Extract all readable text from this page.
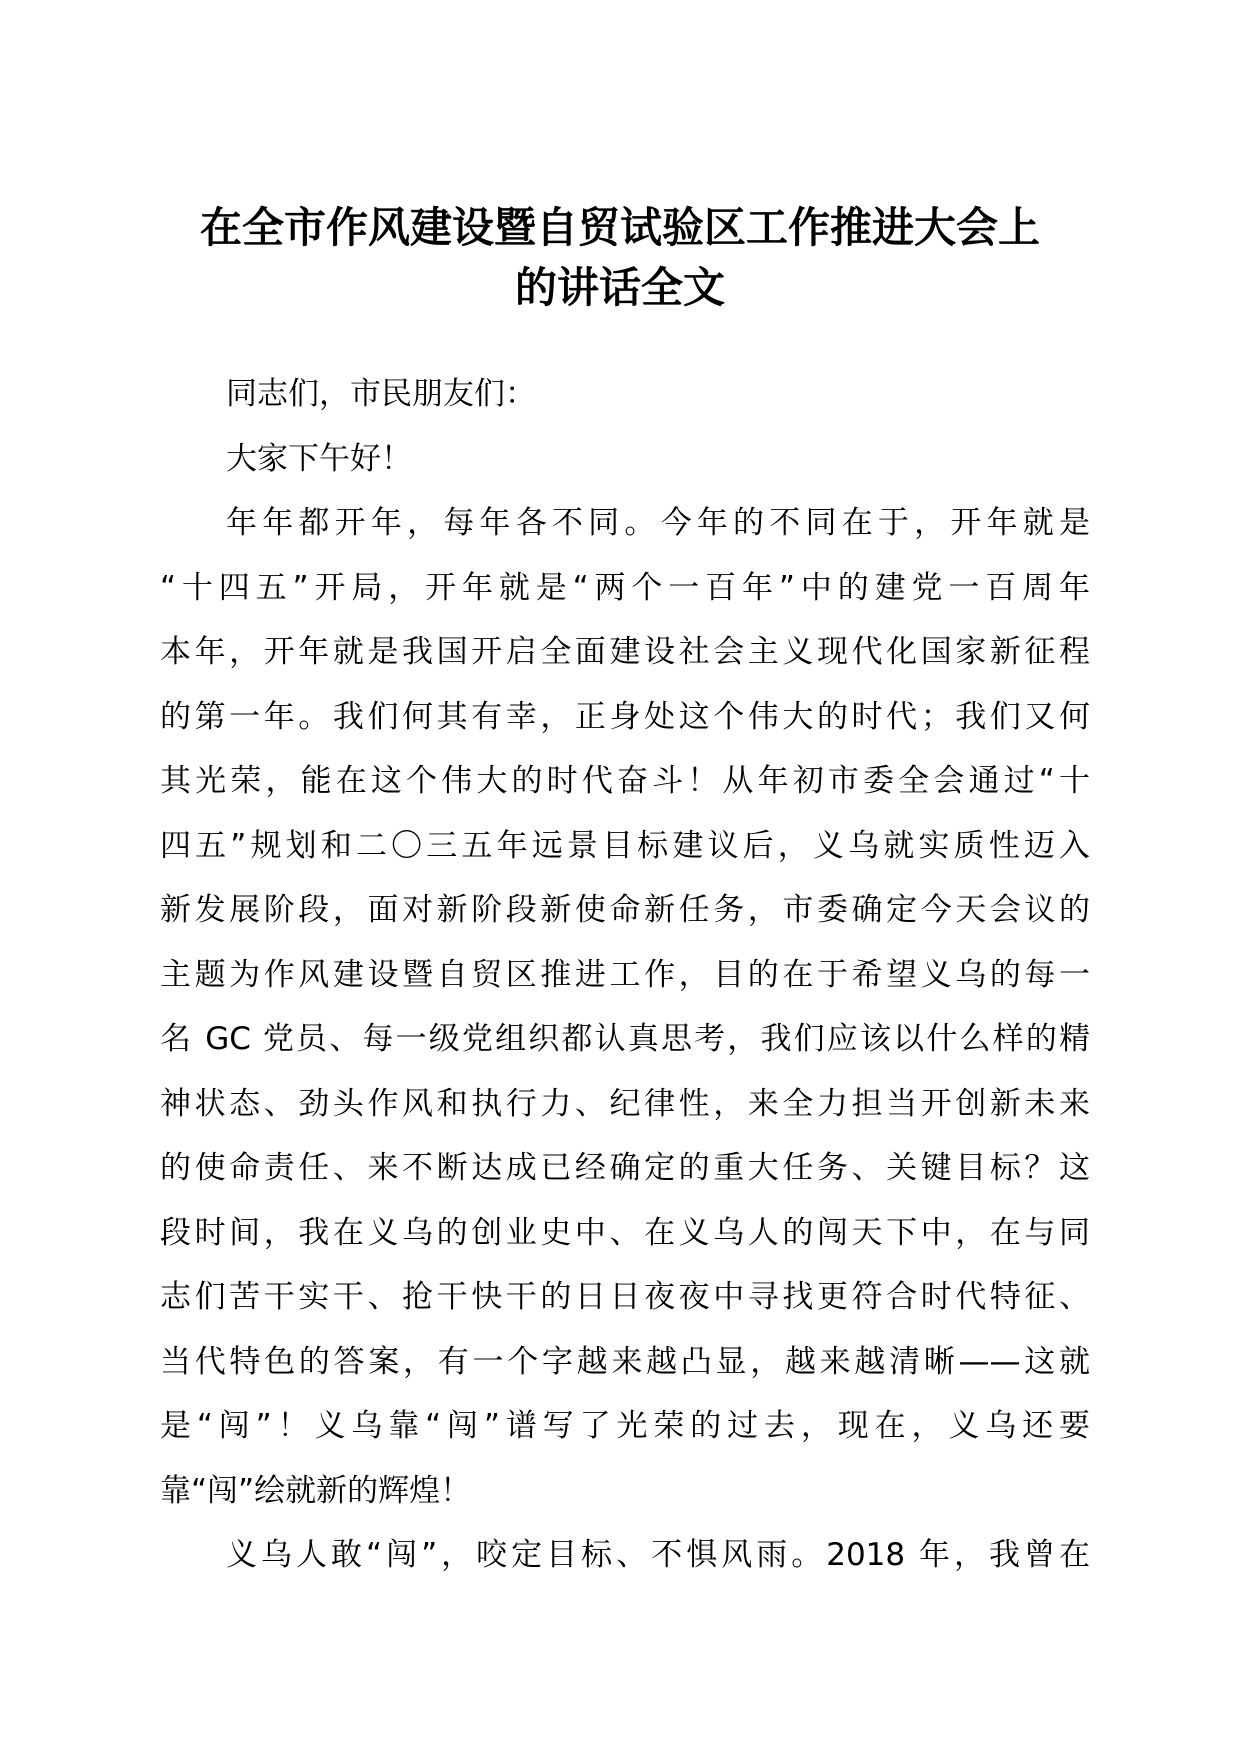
在全市作风建设暨自贸试验区工作推进大会上
的讲话全文
同志们，市民朋友们：
大家下午好！
年年都开年，每年各不同。今年的不同在于，开年就是
“十四五”开局，开年就是“两个一百年”中的建党一百周年
本年，开年就是我国开启全面建设社会主义现代化国家新征程
的第一年。我们何其有幸，正身处这个伟大的时代；我们又何
其光荣，能在这个伟大的时代奋斗！从年初市委全会通过“十
四五”规划和二〇三五年远景目标建议后，义乌就实质性迈入
新发展阶段，面对新阶段新使命新任务，市委确定今天会议的
主题为作风建设暨自贸区推进工作，目的在于希望义乌的每一
名 GC 党员、每一级党组织都认真思考，我们应该以什么样的精
神状态、劲头作风和执行力、纪律性，来全力担当开创新未来
的使命责任、来不断达成已经确定的重大任务、关键目标？这
段时间，我在义乌的创业史中、在义乌人的闯天下中，在与同
志们苦干实干、抢干快干的日日夜夜中寻找更符合时代特征、
当代特色的答案，有一个字越来越凸显，越来越清晰——这就
是“闯”！义乌靠“闯”谱写了光荣的过去，现在，义乌还要
靠“闯”绘就新的辉煌！
义乌人敢“闯”，咬定目标、不惧风雨。2018 年，我曾在
